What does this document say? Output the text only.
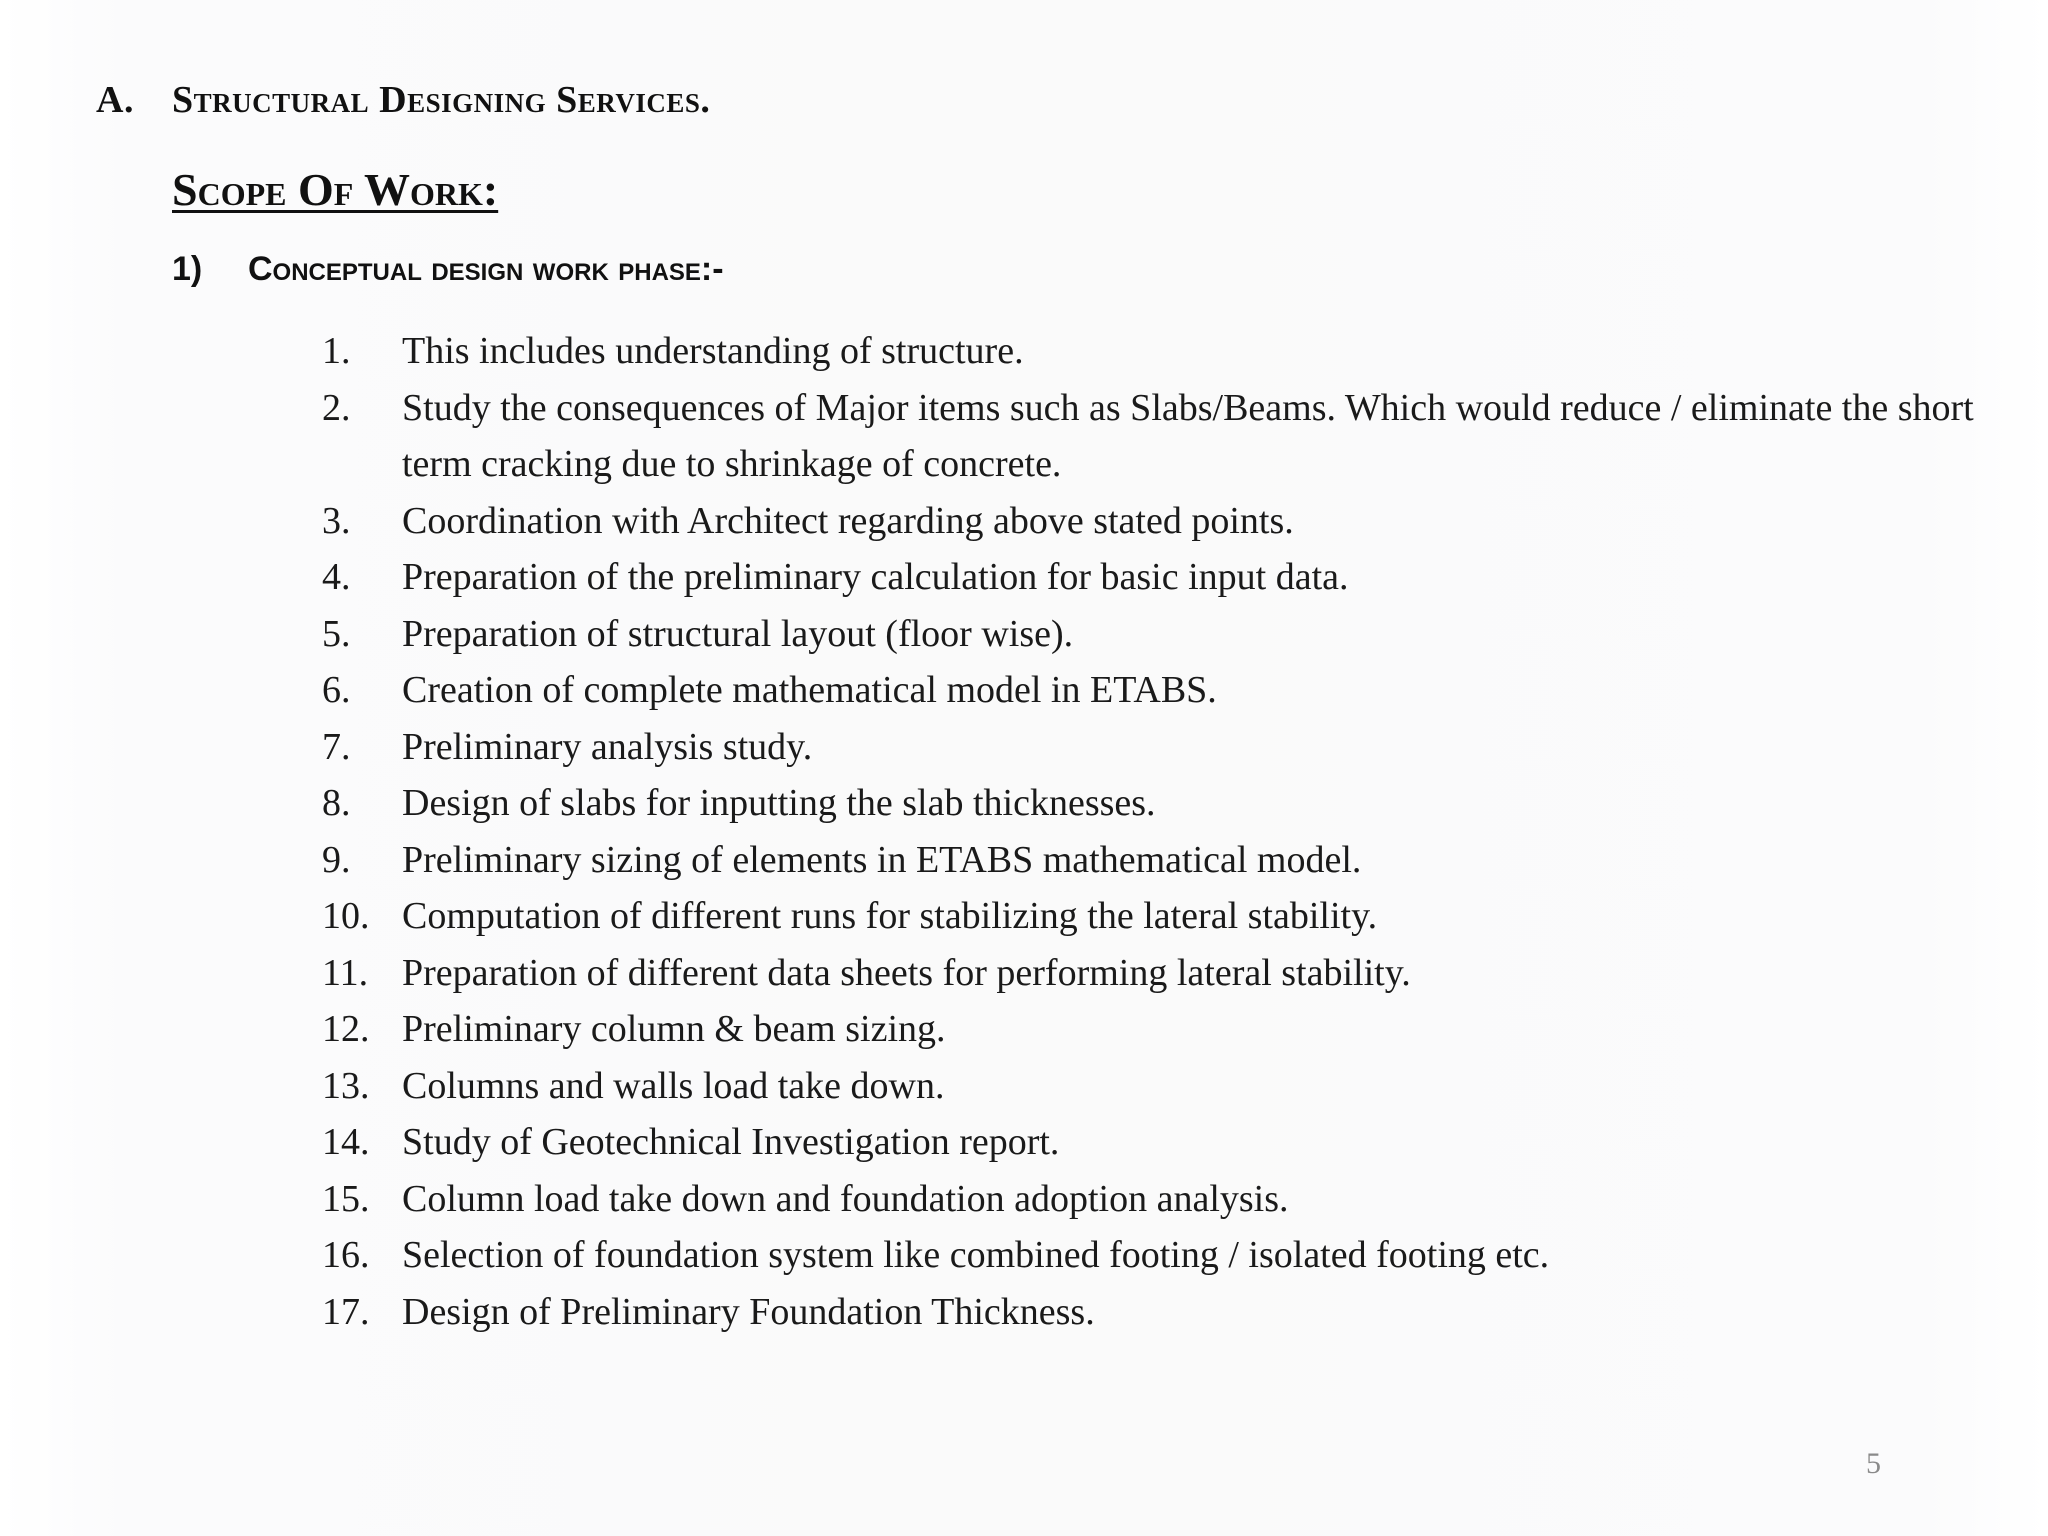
A. Structural Designing Services.
Scope Of Work:
1) Conceptual design work phase:-
1.	This includes understanding of structure.
2.	Study the consequences of Major items such as Slabs/Beams. Which would reduce / eliminate the short term cracking due to shrinkage of concrete.
3.	Coordination with Architect regarding above stated points.
4.	Preparation of the preliminary calculation for basic input data.
5.	Preparation of structural layout (floor wise).
6.	Creation of complete mathematical model in ETABS.
7.	Preliminary analysis study.
8.	Design of slabs for inputting the slab thicknesses.
9.	Preliminary sizing of elements in ETABS mathematical model.
10. Computation of different runs for stabilizing the lateral stability.
11. Preparation of different data sheets for performing lateral stability.
12. Preliminary column & beam sizing.
13. Columns and walls load take down.
14. Study of Geotechnical Investigation report.
15. Column load take down and foundation adoption analysis.
16. Selection of foundation system like combined footing / isolated footing etc.
17. Design of Preliminary Foundation Thickness.
5
